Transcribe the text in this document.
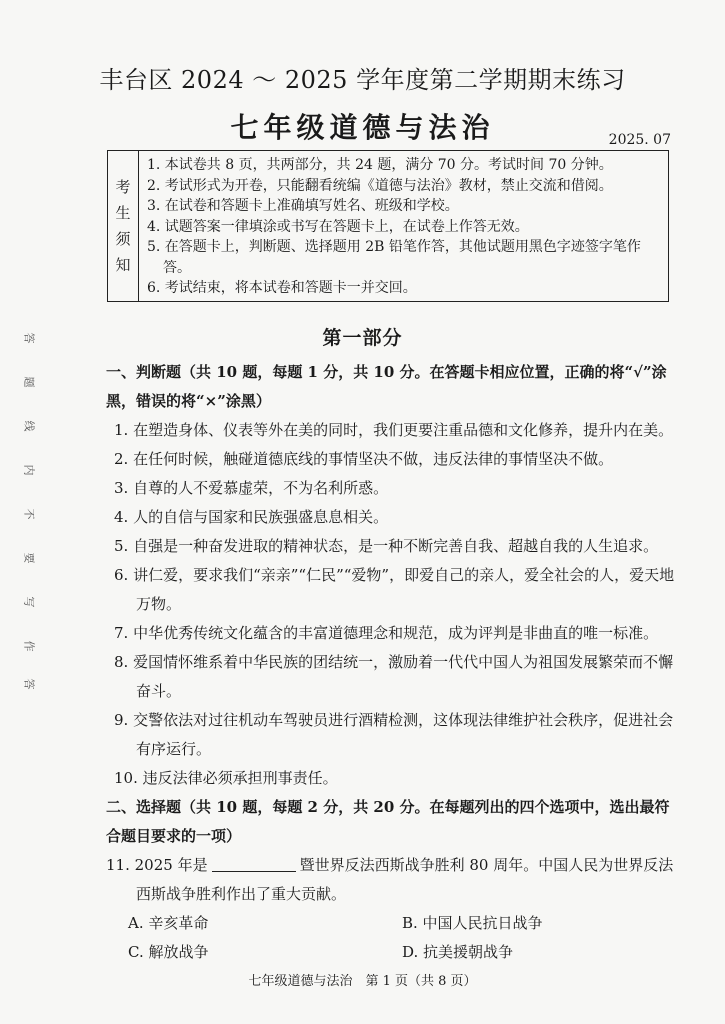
答
题
线
内
不
要
写
作
答
丰台区 2024 ～ 2025 学年度第二学期期末练习
七年级道德与法治	2025. 07
考
生
须
知
1. 本试卷共 8 页，共两部分，共 24 题，满分 70 分。考试时间 70 分钟。
2. 考试形式为开卷，只能翻看统编《道德与法治》教材，禁止交流和借阅。
3. 在试卷和答题卡上准确填写姓名、班级和学校。
4. 试题答案一律填涂或书写在答题卡上，在试卷上作答无效。
5. 在答题卡上，判断题、选择题用 2B 铅笔作答，其他试题用黑色字迹签字笔作答。
6. 考试结束，将本试卷和答题卡一并交回。
第一部分
一、判断题（共 10 题，每题 1 分，共 10 分。在答题卡相应位置，正确的将“√”涂黑，错误的将“×”涂黑）
1. 在塑造身体、仪表等外在美的同时，我们更要注重品德和文化修养，提升内在美。
2. 在任何时候，触碰道德底线的事情坚决不做，违反法律的事情坚决不做。
3. 自尊的人不爱慕虚荣，不为名利所惑。
4. 人的自信与国家和民族强盛息息相关。
5. 自强是一种奋发进取的精神状态，是一种不断完善自我、超越自我的人生追求。
6. 讲仁爱，要求我们“亲亲”“仁民”“爱物”，即爱自己的亲人，爱全社会的人，爱天地万物。
7. 中华优秀传统文化蕴含的丰富道德理念和规范，成为评判是非曲直的唯一标准。
8. 爱国情怀维系着中华民族的团结统一，激励着一代代中国人为祖国发展繁荣而不懈奋斗。
9. 交警依法对过往机动车驾驶员进行酒精检测，这体现法律维护社会秩序，促进社会有序运行。
10. 违反法律必须承担刑事责任。
二、选择题（共 10 题，每题 2 分，共 20 分。在每题列出的四个选项中，选出最符合题目要求的一项）
11. 2025 年是	暨世界反法西斯战争胜利 80 周年。中国人民为世界反法西斯战争胜利作出了重大贡献。
A. 辛亥革命	B. 中国人民抗日战争
C. 解放战争	D. 抗美援朝战争
七年级道德与法治　第 1 页（共 8 页）
